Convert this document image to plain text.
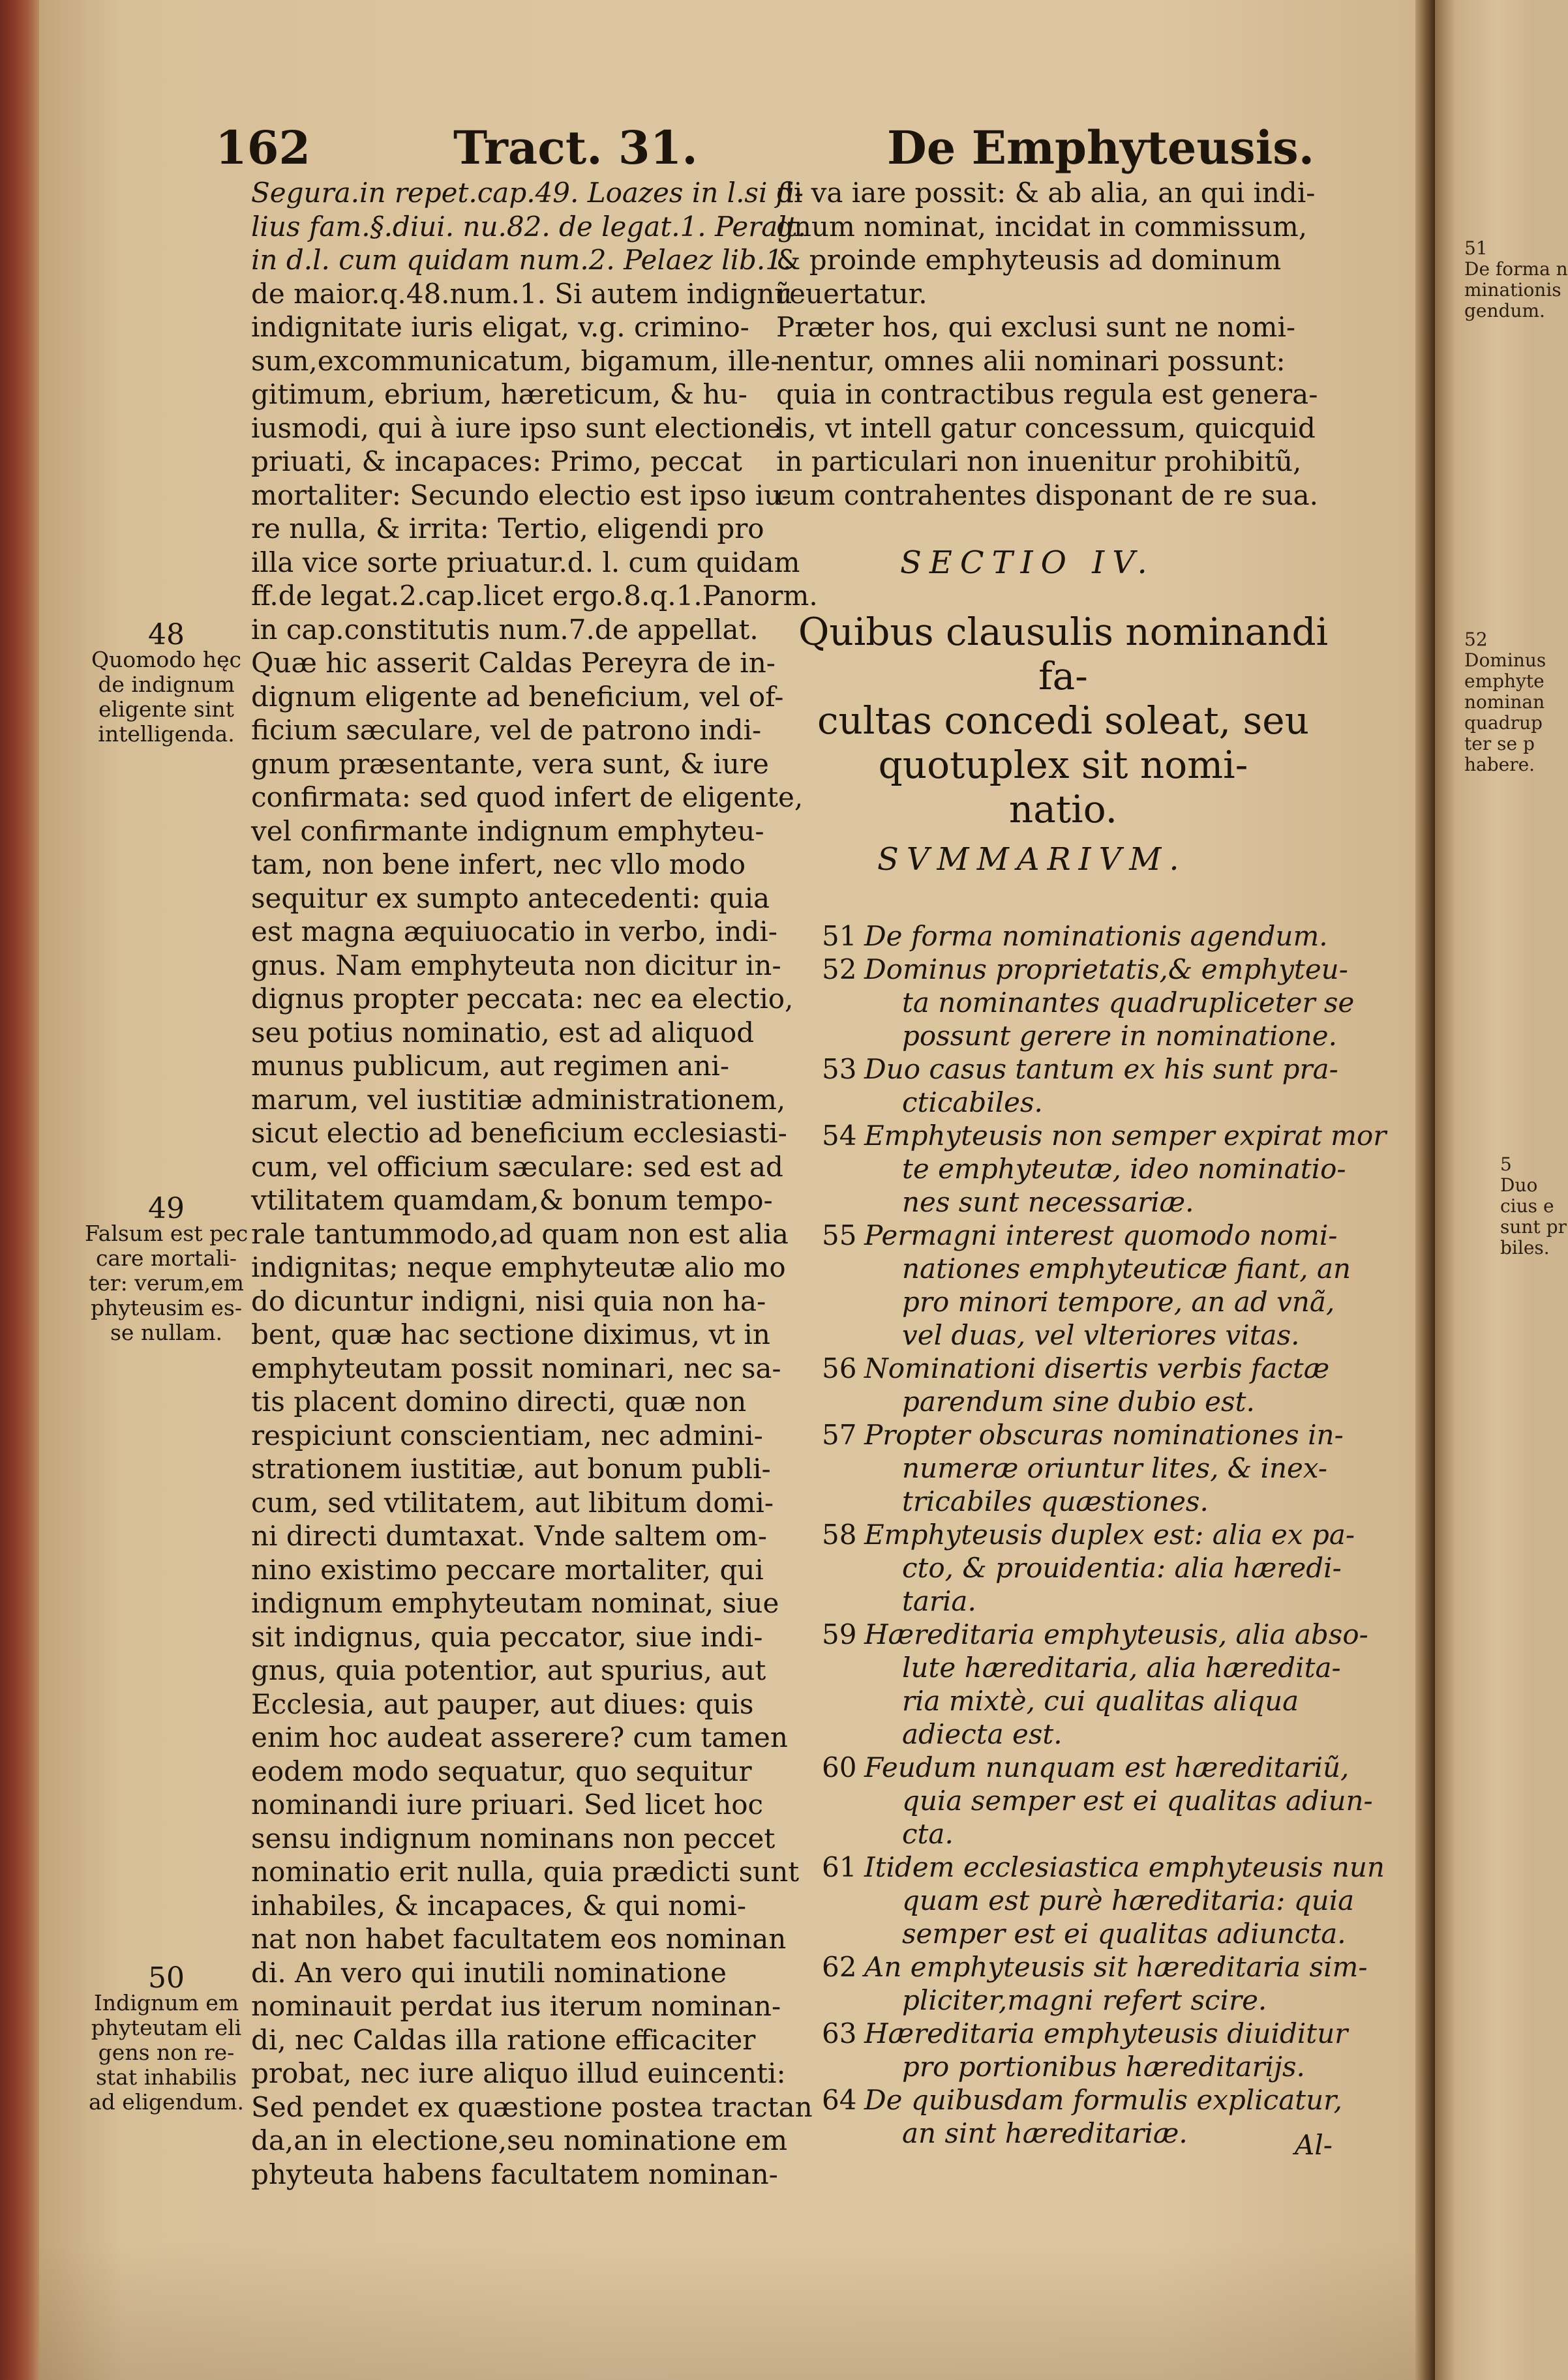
162	Tract. 31.	De Emphyteusis.
Segura.in repet.cap.49. Loazes in l.si fi-
lius fam.§.diui. nu.82. de legat.1. Peralt.
in d.l. cum quidam num.2. Pelaez lib.1.
de maior.q.48.num.1. Si autem indignũ
indignitate iuris eligat, v.g. crimino-
sum,excommunicatum, bigamum, ille-
gitimum, ebrium, hæreticum, & hu-
iusmodi, qui à iure ipso sunt electione
priuati, & incapaces: Primo, peccat
mortaliter: Secundo electio est ipso iu-
re nulla, & irrita: Tertio, eligendi pro
illa vice sorte priuatur.d. l. cum quidam
ff.de legat.2.cap.licet ergo.8.q.1.Panorm.
in cap.constitutis num.7.de appellat.
Quæ hic asserit Caldas Pereyra de in-
dignum eligente ad beneficium, vel of-
ficium sæculare, vel de patrono indi-
gnum præsentante, vera sunt, & iure
confirmata: sed quod infert de eligente,
vel confirmante indignum emphyteu-
tam, non bene infert, nec vllo modo
sequitur ex sumpto antecedenti: quia
est magna æquiuocatio in verbo, indi-
gnus. Nam emphyteuta non dicitur in-
dignus propter peccata: nec ea electio,
seu potius nominatio, est ad aliquod
munus publicum, aut regimen ani-
marum, vel iustitiæ administrationem,
sicut electio ad beneficium ecclesiasti-
cum, vel officium sæculare: sed est ad
vtilitatem quamdam,& bonum tempo-
rale tantummodo,ad quam non est alia
indignitas; neque emphyteutæ alio mo
do dicuntur indigni, nisi quia non ha-
bent, quæ hac sectione diximus, vt in
emphyteutam possit nominari, nec sa-
tis placent domino directi, quæ non
respiciunt conscientiam, nec admini-
strationem iustitiæ, aut bonum publi-
cum, sed vtilitatem, aut libitum domi-
ni directi dumtaxat. Vnde saltem om-
nino existimo peccare mortaliter, qui
indignum emphyteutam nominat, siue
sit indignus, quia peccator, siue indi-
gnus, quia potentior, aut spurius, aut
Ecclesia, aut pauper, aut diues: quis
enim hoc audeat asserere? cum tamen
eodem modo sequatur, quo sequitur
nominandi iure priuari. Sed licet hoc
sensu indignum nominans non peccet
nominatio erit nulla, quia prædicti sunt
inhabiles, & incapaces, & qui nomi-
nat non habet facultatem eos nominan
di. An vero qui inutili nominatione
nominauit perdat ius iterum nominan-
di, nec Caldas illa ratione efficaciter
probat, nec iure aliquo illud euincenti:
Sed pendet ex quæstione postea tractan
da,an in electione,seu nominatione em
phyteuta habens facultatem nominan-
di va iare possit: & ab alia, an qui indi-
gnum nominat, incidat in commissum,
& proinde emphyteusis ad dominum
reuertatur.
Præter hos, qui exclusi sunt ne nomi-
nentur, omnes alii nominari possunt:
quia in contractibus regula est genera-
lis, vt intell gatur concessum, quicquid
in particulari non inuenitur prohibitũ,
cum contrahentes disponant de re sua.
48
Quomodo hęc
de indignum
eligente sint
intelligenda.
49
Falsum est pec
care mortali-
ter: verum,em
phyteusim es-
se nullam.
50
Indignum em
phyteutam eli
gens non re-
stat inhabilis
ad eligendum.
SECTIO IV.
Quibus clausulis nominandi fa-
cultas concedi soleat, seu
quotuplex sit nomi-
natio.
SVMMARIVM.
51 De forma nominationis agendum.
52 Dominus proprietatis,& emphyteu-
ta nominantes quadrupliceter se
possunt gerere in nominatione.
53 Duo casus tantum ex his sunt pra-
cticabiles.
54 Emphyteusis non semper expirat mor
te emphyteutæ, ideo nominatio-
nes sunt necessariæ.
55 Permagni interest quomodo nomi-
nationes emphyteuticæ fiant, an
pro minori tempore, an ad vnã,
vel duas, vel vlteriores vitas.
56 Nominationi disertis verbis factæ
parendum sine dubio est.
57 Propter obscuras nominationes in-
numeræ oriuntur lites, & inex-
tricabiles quæstiones.
58 Emphyteusis duplex est: alia ex pa-
cto, & prouidentia: alia hæredi-
taria.
59 Hæreditaria emphyteusis, alia abso-
lute hæreditaria, alia hæredita-
ria mixtè, cui qualitas aliqua
adiecta est.
60 Feudum nunquam est hæreditariũ,
quia semper est ei qualitas adiun-
cta.
61 Itidem ecclesiastica emphyteusis nun
quam est purè hæreditaria: quia
semper est ei qualitas adiuncta.
62 An emphyteusis sit hæreditaria sim-
pliciter,magni refert scire.
63 Hæreditaria emphyteusis diuiditur
pro portionibus hæreditarijs.
64 De quibusdam formulis explicatur,
an sint hæreditariæ.	Al-
51
De forma n
minationis
gendum.
52
Dominus
emphyte
nominan
quadrup
ter se p
habere.
5
Duo
cius e
sunt pr
biles.
